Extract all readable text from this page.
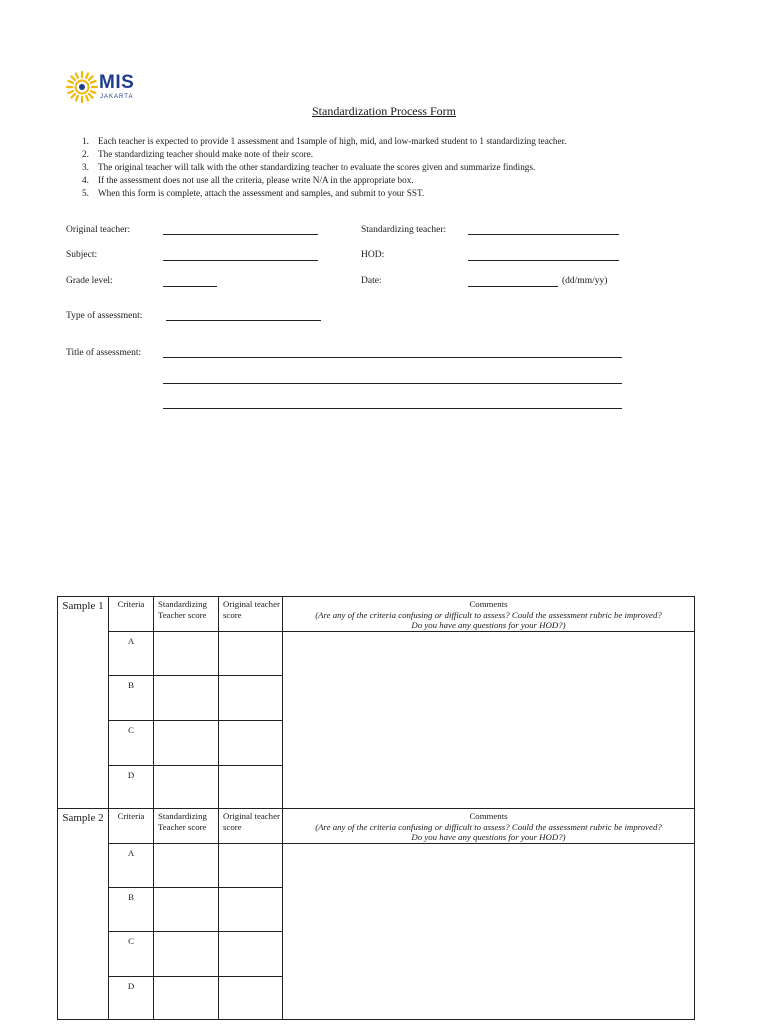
MIS
JAKARTA
Standardization Process Form
1. Each teacher is expected to provide 1 assessment and 1sample of high, mid, and low-marked student to 1 standardizing teacher.
2. The standardizing teacher should make note of their score.
3. The original teacher will talk with the other standardizing teacher to evaluate the scores given and summarize findings.
4. If the assessment does not use all the criteria, please write N/A in the appropriate box.
5. When this form is complete, attach the assessment and samples, and submit to your SST.
Original teacher:	Standardizing teacher:
Subject:	HOD:
Grade level:	Date:	(dd/mm/yy)
Type of assessment:
Title of assessment:
Sample 1	Criteria	Standardizing Teacher score	Original teacher score	Comments
(Are any of the criteria confusing or difficult to assess? Could the assessment rubric be improved?
Do you have any questions for your HOD?)

	A			
	B			
	C			
	D			
Sample 2	Criteria	Standardizing Teacher score	Original teacher score	Comments
(Are any of the criteria confusing or difficult to assess? Could the assessment rubric be improved?
Do you have any questions for your HOD?)

	A			
	B			
	C			
	D			
